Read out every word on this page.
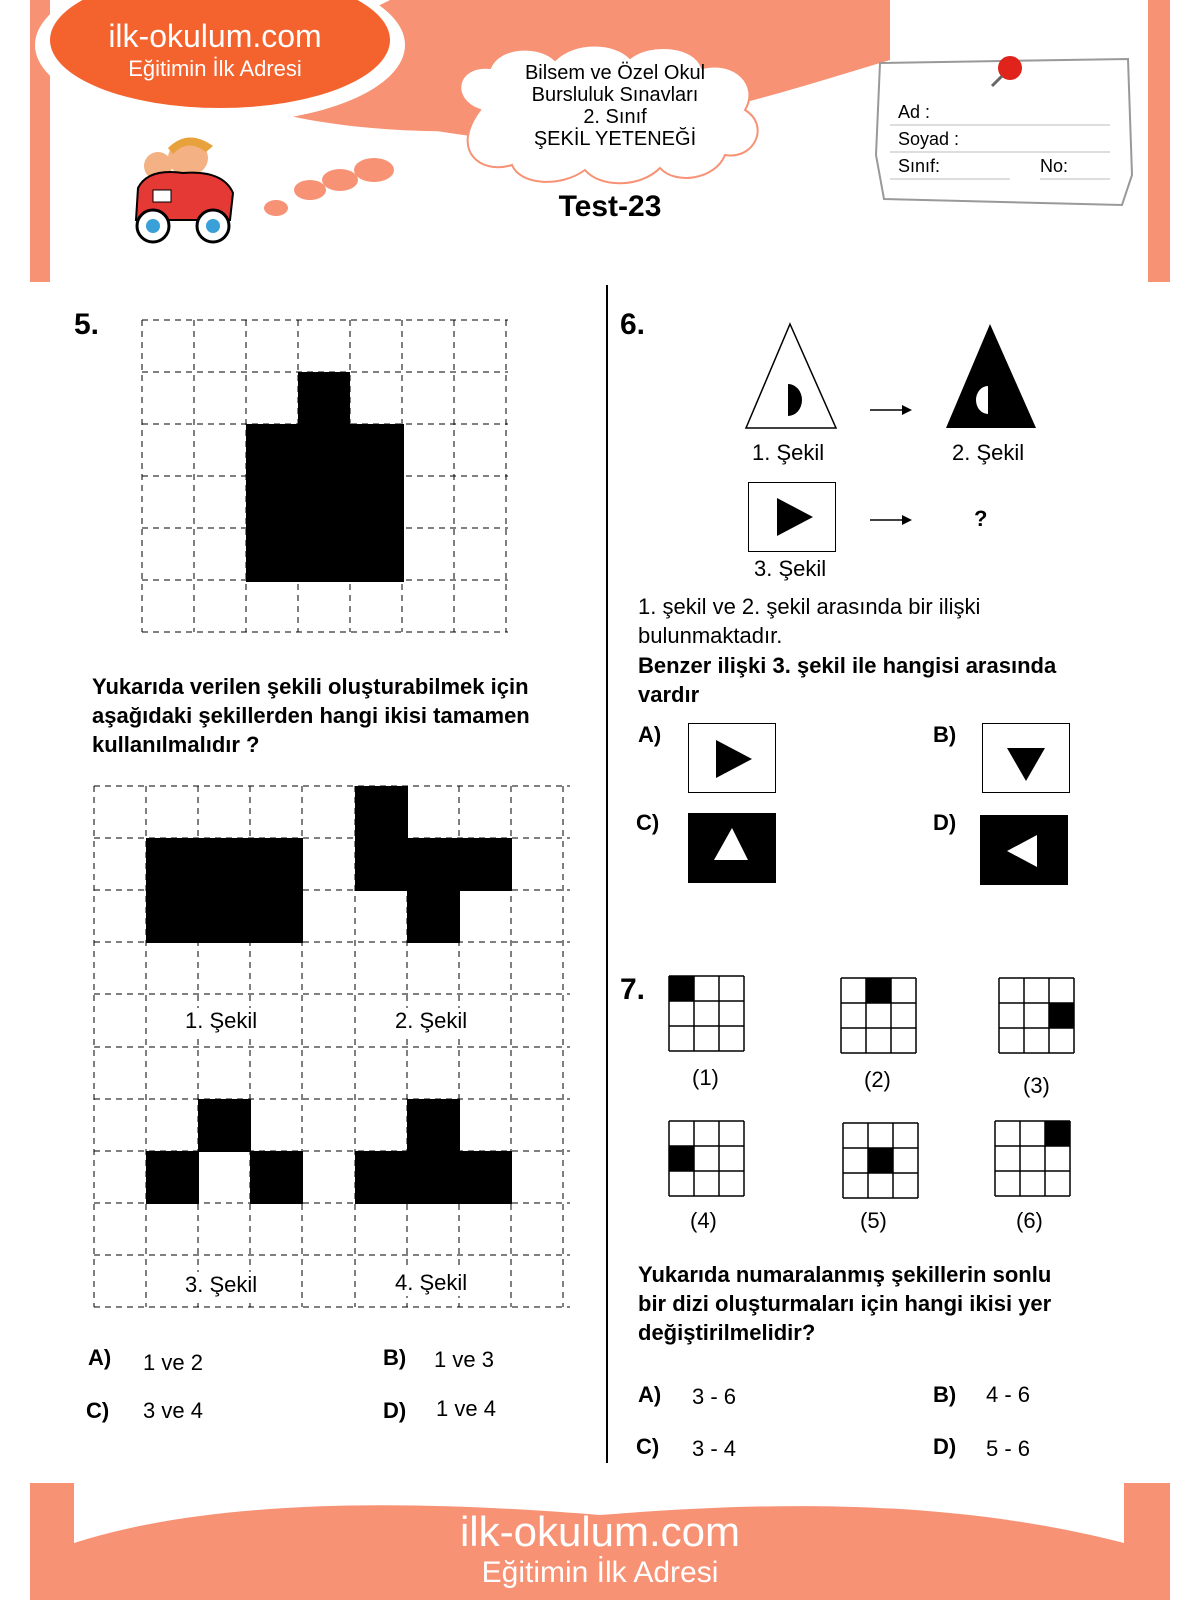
ilk-okulum.com
Eğitimin İlk Adresi	Bilsem ve Özel Okul
Bursluluk Sınavları
2. Sınıf
ŞEKİL YETENEĞİ
Test-23
Ad :
Soyad :
Sınıf:	No:
5.
Yukarıda verilen şekili oluşturabilmek için
aşağıdaki şekillerden hangi ikisi tamamen
kullanılmalıdır ?
1. Şekil	2. Şekil
3. Şekil	4. Şekil
A) 1 ve 2	B) 1 ve 3
C) 3 ve 4	D) 1 ve 4
6.
1. Şekil	2. Şekil
?
3. Şekil
1. şekil ve 2. şekil arasında bir ilişki
bulunmaktadır.
Benzer ilişki 3. şekil ile hangisi arasında
vardır
A)	B)
C)	D)
7.
(1)	(2)	(3)
(4)	(5)	(6)
Yukarıda numaralanmış şekillerin sonlu
bir dizi oluşturmaları için hangi ikisi yer
değiştirilmelidir?
A) 3 - 6	B) 4 - 6
C) 3 - 4	D) 5 - 6
ilk-okulum.com
Eğitimin İlk Adresi
